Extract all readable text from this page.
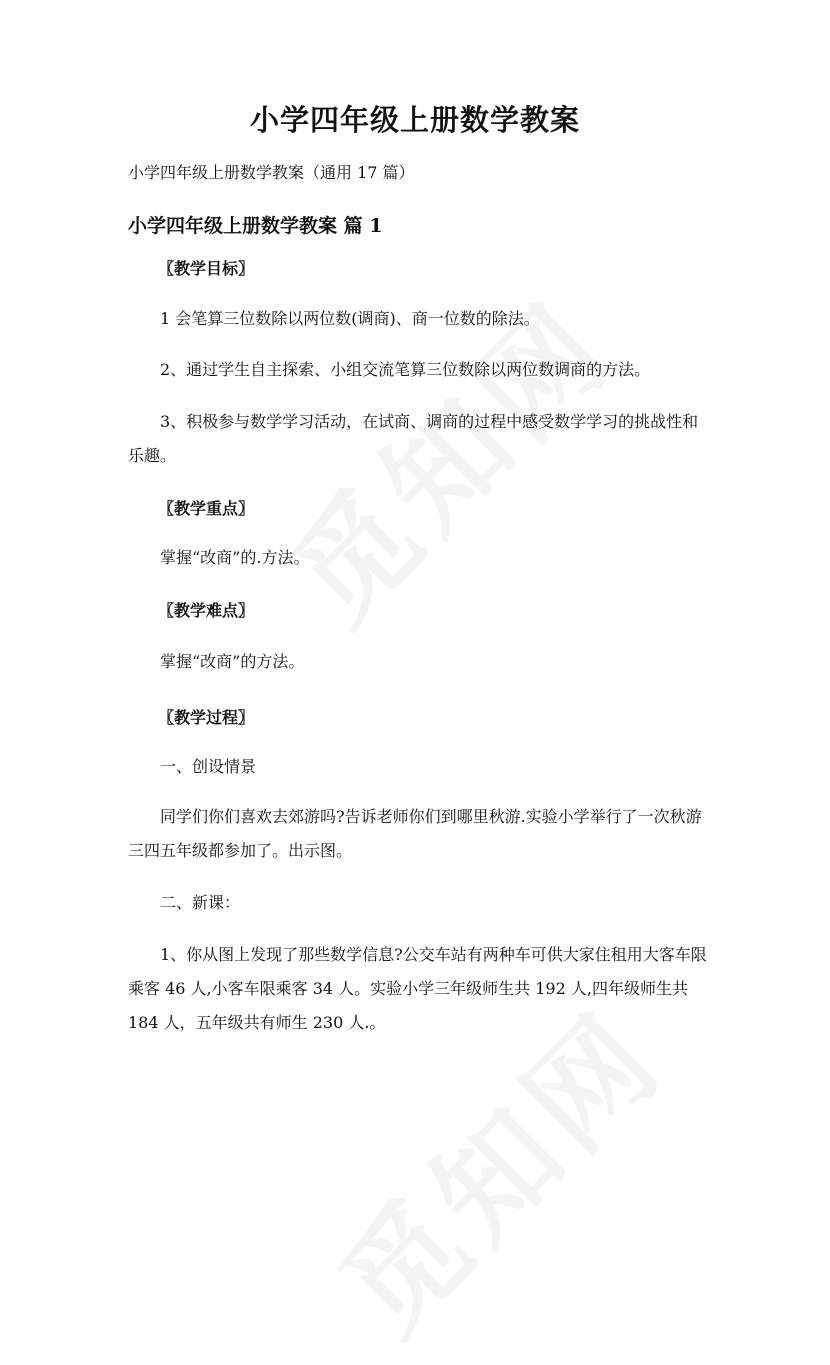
小学四年级上册数学教案
小学四年级上册数学教案（通用 17 篇）
小学四年级上册数学教案 篇 1
〖教学目标〗
1 会笔算三位数除以两位数(调商)、商一位数的除法。
2、通过学生自主探索、小组交流笔算三位数除以两位数调商的方法。
3、积极参与数学学习活动，在试商、调商的过程中感受数学学习的挑战性和乐趣。
〖教学重点〗
掌握“改商”的.方法。
〖教学难点〗
掌握“改商”的方法。
〖教学过程〗
一、创设情景
同学们你们喜欢去郊游吗?告诉老师你们到哪里秋游.实验小学举行了一次秋游三四五年级都参加了。出示图。
二、新课：
1、你从图上发现了那些数学信息?公交车站有两种车可供大家住租用大客车限乘客 46 人,小客车限乘客 34 人。实验小学三年级师生共 192 人,四年级师生共 184 人，五年级共有师生 230 人.。
